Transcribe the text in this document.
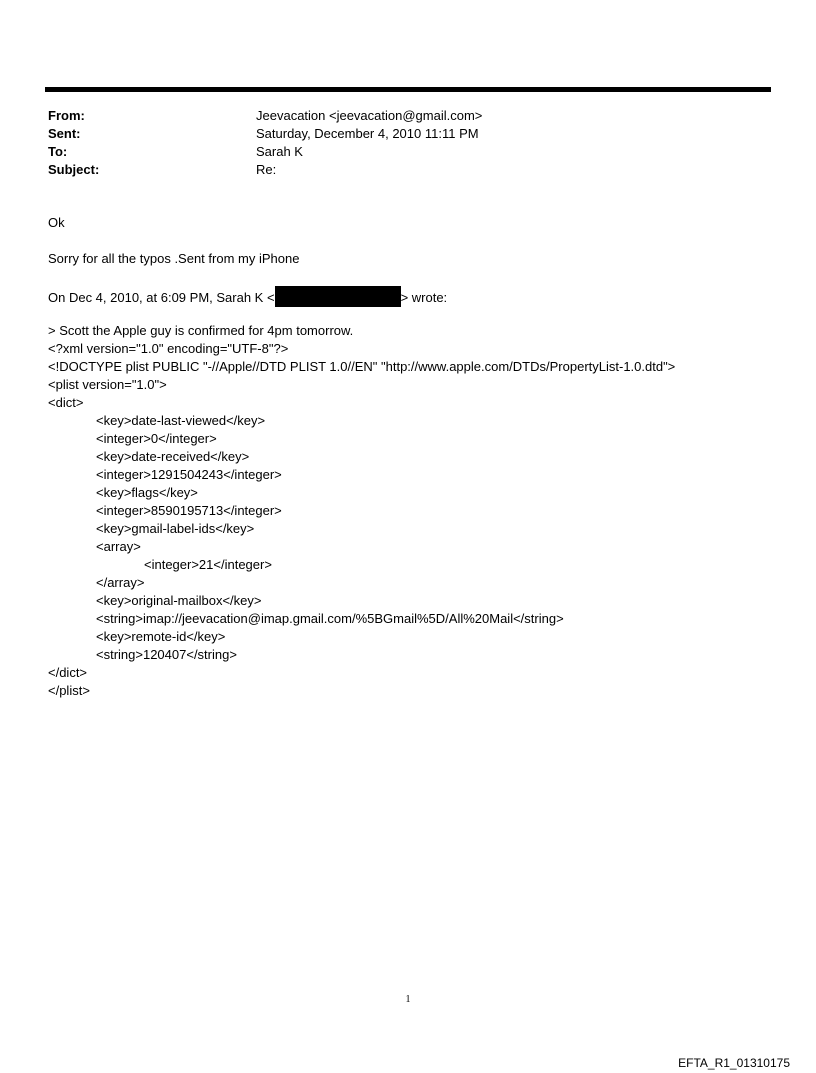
From:	Jeevacation <jeevacation@gmail.com>
Sent:	Saturday, December 4, 2010 11:11 PM
To:	Sarah K
Subject:	Re:
Ok
Sorry for all the typos .Sent from my iPhone
On Dec 4, 2010, at 6:09 PM, Sarah K <	> wrote:
> Scott the Apple guy is confirmed for 4pm tomorrow.
<?xml version="1.0" encoding="UTF-8"?>
<!DOCTYPE plist PUBLIC "-//Apple//DTD PLIST 1.0//EN" "http://www.apple.com/DTDs/PropertyList-1.0.dtd">
<plist version="1.0">
<dict>
<key>date-last-viewed</key>
<integer>0</integer>
<key>date-received</key>
<integer>1291504243</integer>
<key>flags</key>
<integer>8590195713</integer>
<key>gmail-label-ids</key>
<array>
<integer>21</integer>
</array>
<key>original-mailbox</key>
<string>imap://jeevacation@imap.gmail.com/%5BGmail%5D/All%20Mail</string>
<key>remote-id</key>
<string>120407</string>
</dict>
</plist>
1
EFTA_R1_01310175
